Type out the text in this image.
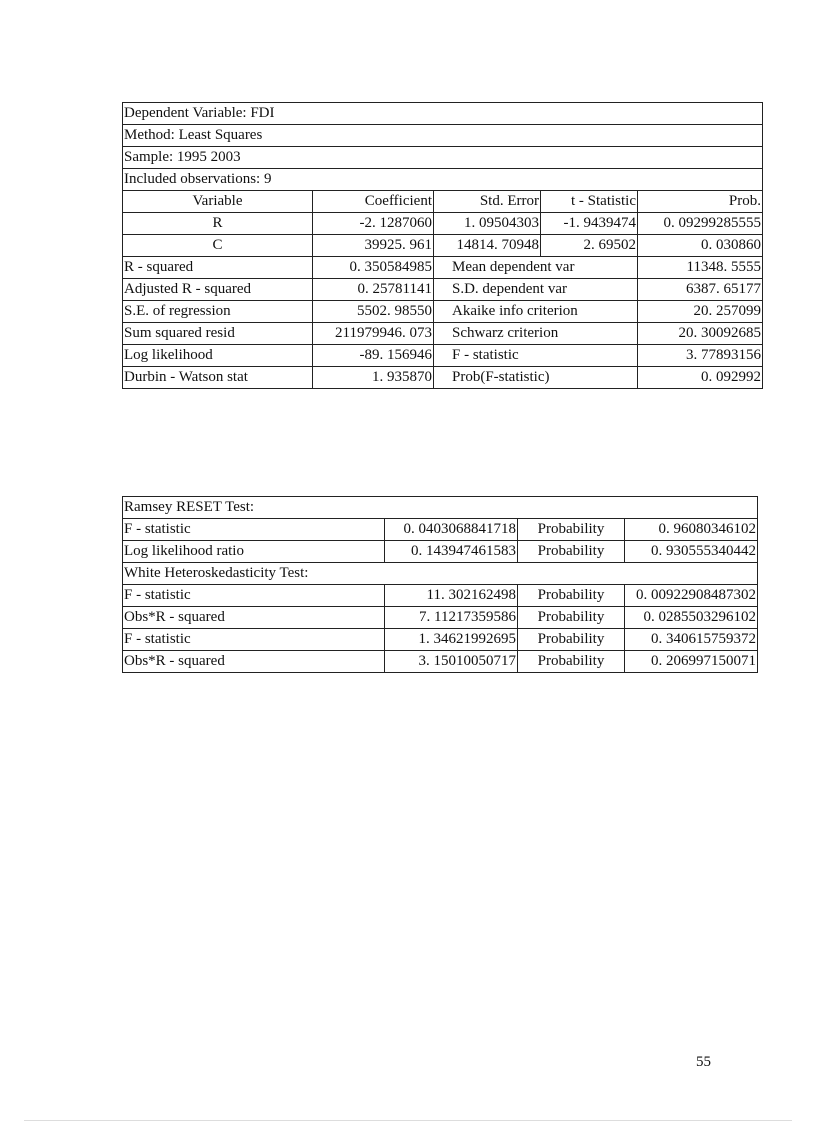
Dependent Variable: FDI				
Method: Least Squares				
Sample: 1995 2003				
Included observations: 9				
Variable	Coefficient	Std. Error	t - Statistic	Prob.
R	-2. 1287060	1. 09504303	-1. 9439474	0. 09299285555
C	39925. 961	14814. 70948	2. 69502	0. 030860
R - squared	0. 350584985	Mean dependent var		11348. 5555
Adjusted R - squared	0. 25781141	S.D. dependent var		6387. 65177
S.E. of regression	5502. 98550	Akaike info criterion		20. 257099
Sum squared resid	211979946. 073	Schwarz criterion		20. 30092685
Log likelihood	-89. 156946	F - statistic		3. 77893156
Durbin - Watson stat	1. 935870	Prob(F-statistic)		0. 092992
Ramsey RESET Test:			
F - statistic	0. 0403068841718	Probability	0. 96080346102
Log likelihood ratio	0. 143947461583	Probability	0. 930555340442
White Heteroskedasticity Test:			
F - statistic	11. 302162498	Probability	0. 00922908487302
Obs*R - squared	7. 11217359586	Probability	0. 0285503296102
F - statistic	1. 34621992695	Probability	0. 340615759372
Obs*R - squared	3. 15010050717	Probability	0. 206997150071
55
